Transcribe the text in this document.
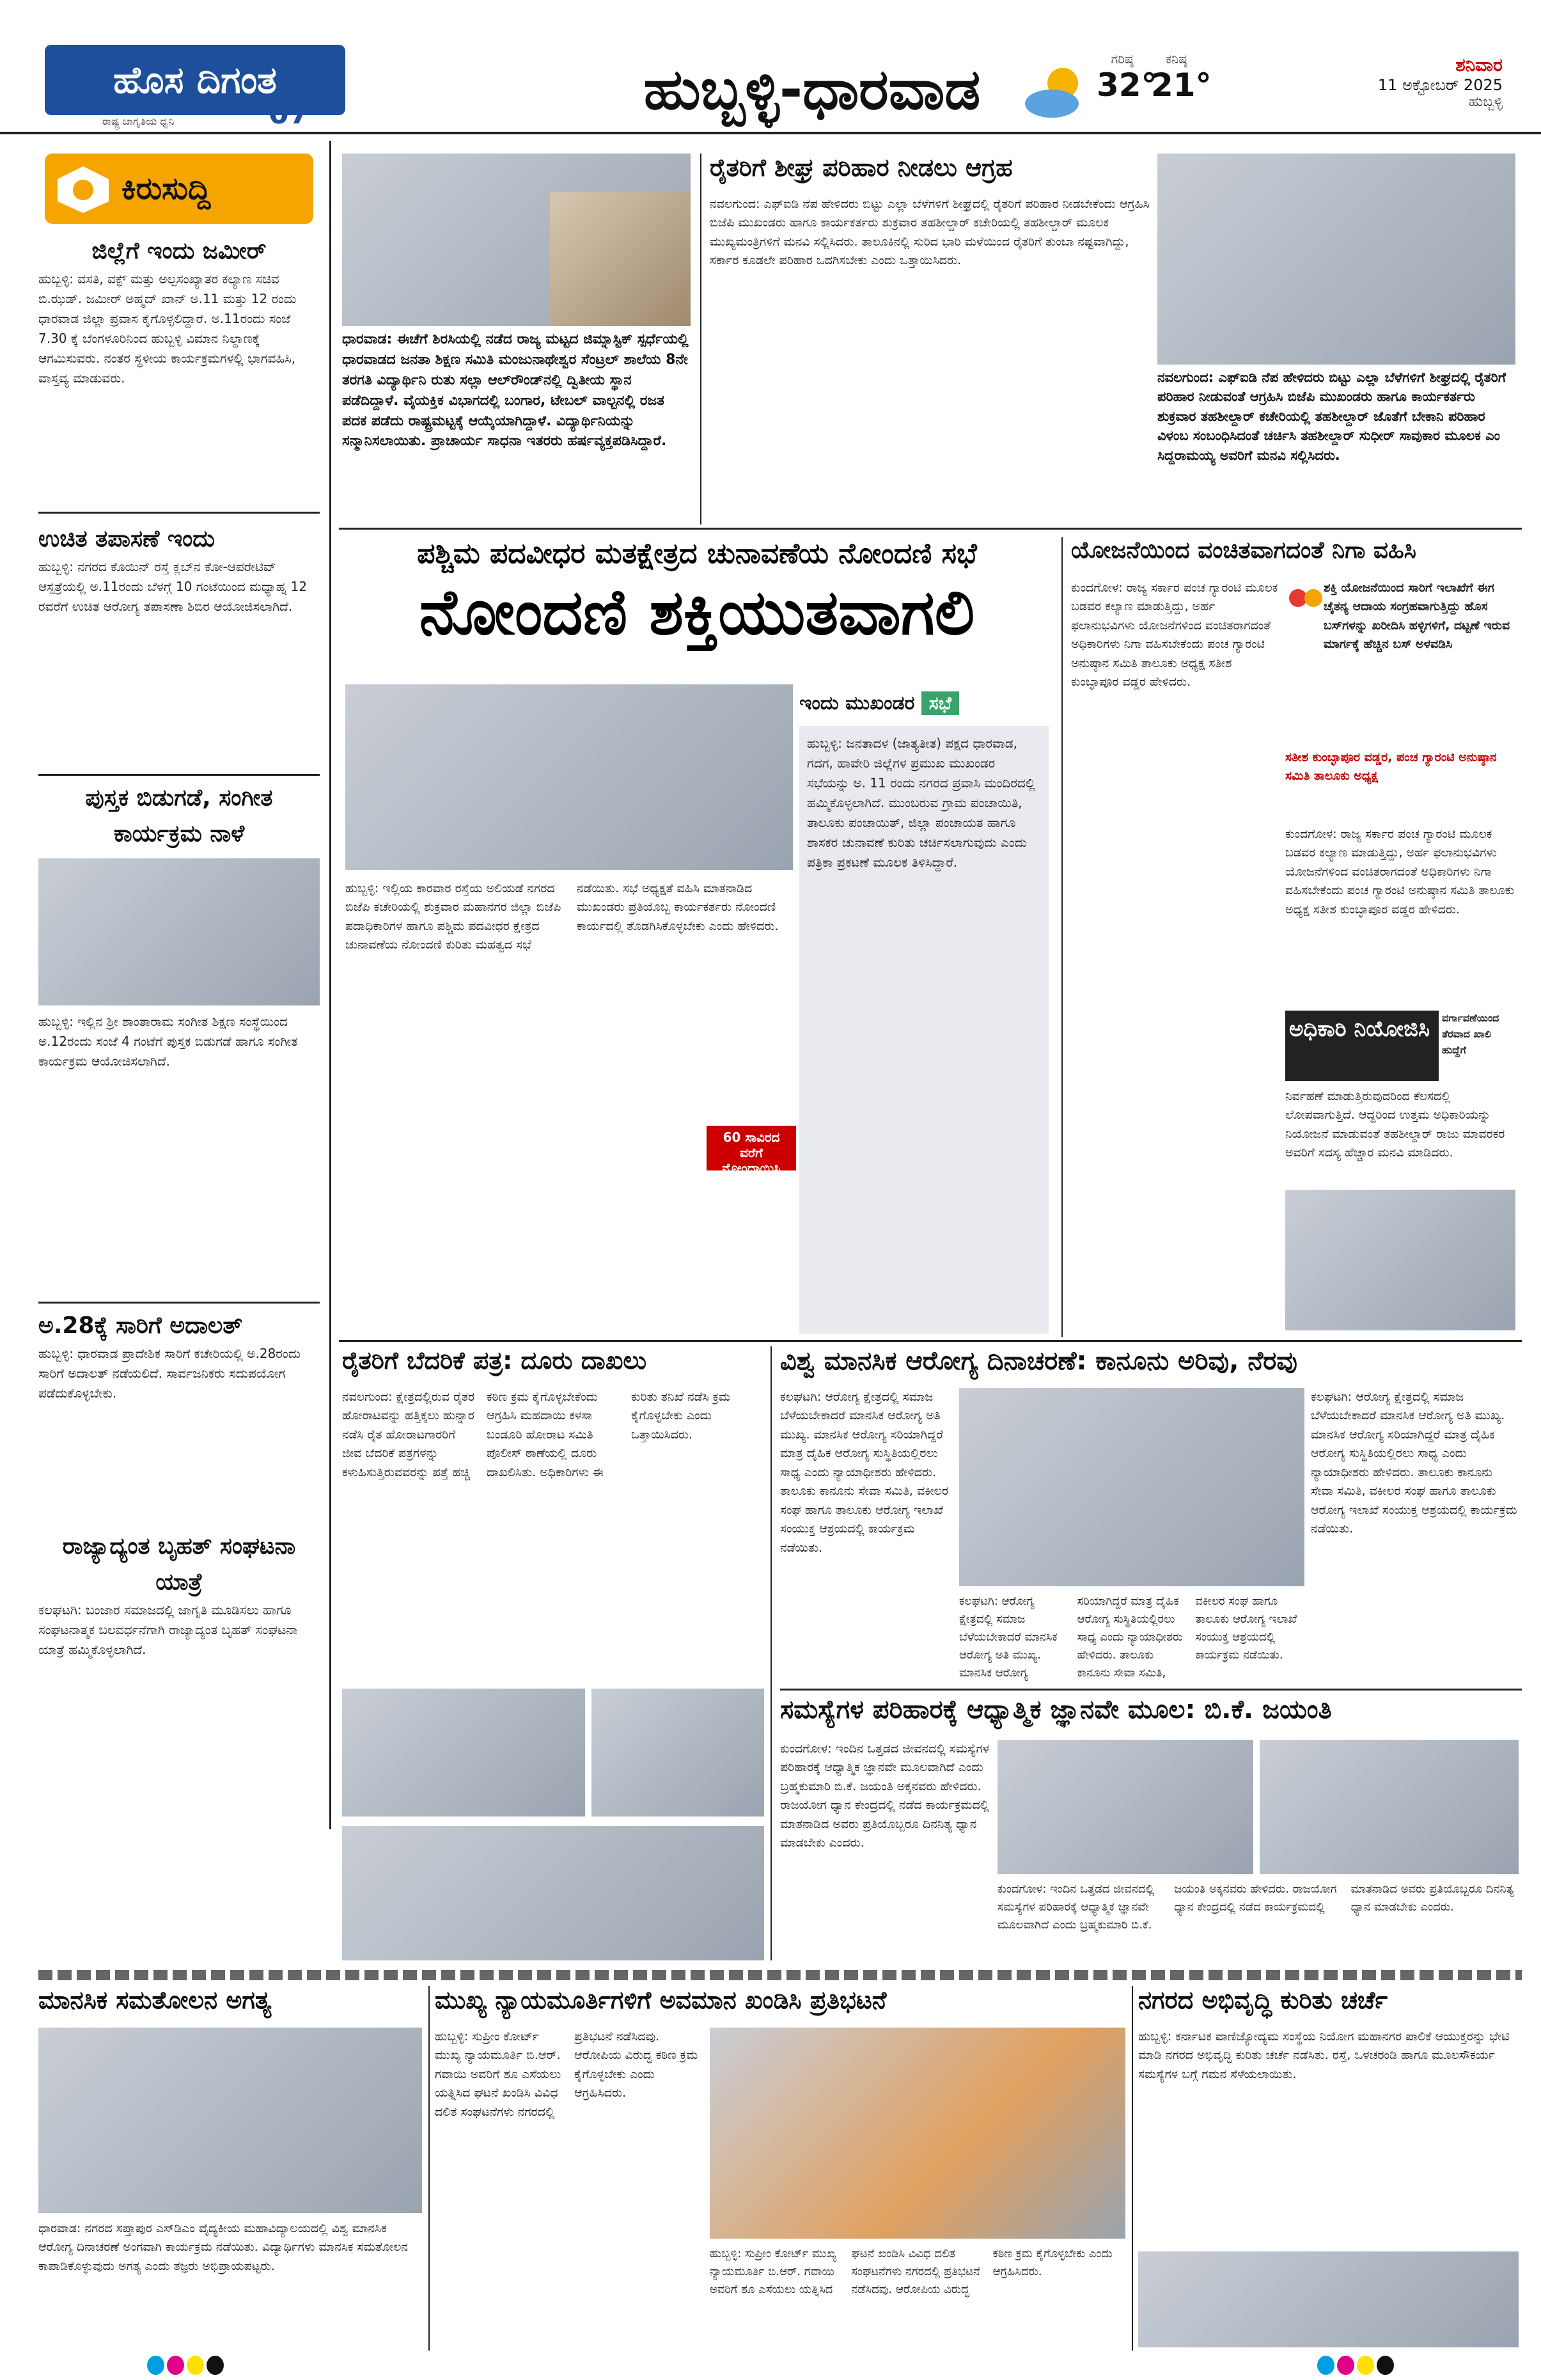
ಹೊಸ ದಿಗಂತ
ರಾಷ್ಟ್ರ ಜಾಗೃತಿಯ ಧ್ವನಿ	07	ಹುಬ್ಬಳ್ಳಿ-ಧಾರವಾಡ	ಗರಿಷ್ಠ
32°
ಕನಿಷ್ಠ
21°
ಶನಿವಾರ
11 ಅಕ್ಟೋಬರ್ 2025
ಹುಬ್ಬಳ್ಳಿ
ಕಿರುಸುದ್ದಿ
ಜಿಲ್ಲೆಗೆ ಇಂದು ಜಮೀರ್
ಹುಬ್ಬಳ್ಳಿ: ವಸತಿ, ವಕ್ಫ್ ಮತ್ತು ಅಲ್ಪಸಂಖ್ಯಾತರ ಕಲ್ಯಾಣ ಸಚಿವ ಬಿ.ಝಡ್. ಜಮೀರ್ ಅಹ್ಮದ್ ಖಾನ್ ಅ.11 ಮತ್ತು 12 ರಂದು ಧಾರವಾಡ ಜಿಲ್ಲಾ ಪ್ರವಾಸ ಕೈಗೊಳ್ಳಲಿದ್ದಾರೆ. ಅ.11ರಂದು ಸಂಜೆ 7.30 ಕ್ಕೆ ಬೆಂಗಳೂರಿನಿಂದ ಹುಬ್ಬಳ್ಳಿ ವಿಮಾನ ನಿಲ್ದಾಣಕ್ಕೆ ಆಗಮಿಸುವರು. ನಂತರ ಸ್ಥಳೀಯ ಕಾರ್ಯಕ್ರಮಗಳಲ್ಲಿ ಭಾಗವಹಿಸಿ, ವಾಸ್ತವ್ಯ ಮಾಡುವರು.
ಉಚಿತ ತಪಾಸಣೆ ಇಂದು
ಹುಬ್ಬಳ್ಳಿ: ನಗರದ ಕೊಯಿನ್ ರಸ್ತೆ ಕ್ಲಬ್‌ನ ಕೋ-ಆಪರೇಟಿವ್ ಆಸ್ಪತ್ರೆಯಲ್ಲಿ ಅ.11ರಂದು ಬೆಳಗ್ಗೆ 10 ಗಂಟೆಯಿಂದ ಮಧ್ಯಾಹ್ನ 12 ರವರೆಗೆ ಉಚಿತ ಆರೋಗ್ಯ ತಪಾಸಣಾ ಶಿಬಿರ ಆಯೋಜಿಸಲಾಗಿದೆ.
ಪುಸ್ತಕ ಬಿಡುಗಡೆ, ಸಂಗೀತ ಕಾರ್ಯಕ್ರಮ ನಾಳೆ
ಹುಬ್ಬಳ್ಳಿ: ಇಲ್ಲಿನ ಶ್ರೀ ಶಾಂತಾರಾಮ ಸಂಗೀತ ಶಿಕ್ಷಣ ಸಂಸ್ಥೆಯಿಂದ ಅ.12ರಂದು ಸಂಜೆ 4 ಗಂಟೆಗೆ ಪುಸ್ತಕ ಬಿಡುಗಡೆ ಹಾಗೂ ಸಂಗೀತ ಕಾರ್ಯಕ್ರಮ ಆಯೋಜಿಸಲಾಗಿದೆ.
ಅ.28ಕ್ಕೆ ಸಾರಿಗೆ ಅದಾಲತ್
ಹುಬ್ಬಳ್ಳಿ: ಧಾರವಾಡ ಪ್ರಾದೇಶಿಕ ಸಾರಿಗೆ ಕಚೇರಿಯಲ್ಲಿ ಅ.28ರಂದು ಸಾರಿಗೆ ಅದಾಲತ್ ನಡೆಯಲಿದೆ. ಸಾರ್ವಜನಿಕರು ಸದುಪಯೋಗ ಪಡೆದುಕೊಳ್ಳಬೇಕು.
ರಾಜ್ಯಾದ್ಯಂತ ಬೃಹತ್ ಸಂಘಟನಾ ಯಾತ್ರೆ
ಕಲಘಟಗಿ: ಬಂಜಾರ ಸಮಾಜದಲ್ಲಿ ಜಾಗೃತಿ ಮೂಡಿಸಲು ಹಾಗೂ ಸಂಘಟನಾತ್ಮಕ ಬಲವರ್ಧನೆಗಾಗಿ ರಾಜ್ಯಾದ್ಯಂತ ಬೃಹತ್ ಸಂಘಟನಾ ಯಾತ್ರೆ ಹಮ್ಮಿಕೊಳ್ಳಲಾಗಿದೆ.
ಧಾರವಾಡ: ಈಚೆಗೆ ಶಿರಸಿಯಲ್ಲಿ ನಡೆದ ರಾಜ್ಯ ಮಟ್ಟದ ಜಿಮ್ನಾಸ್ಟಿಕ್ ಸ್ಪರ್ಧೆಯಲ್ಲಿ ಧಾರವಾಡದ ಜನತಾ ಶಿಕ್ಷಣ ಸಮಿತಿ ಮಂಜುನಾಥೇಶ್ವರ ಸೆಂಟ್ರಲ್ ಶಾಲೆಯ 8ನೇ ತರಗತಿ ವಿದ್ಯಾರ್ಥಿನಿ ರುತು ಸಲ್ಲಾ ಆಲ್‌ರೌಂಡ್‌ನಲ್ಲಿ ದ್ವಿತೀಯ ಸ್ಥಾನ ಪಡೆದಿದ್ದಾಳೆ. ವೈಯಕ್ತಿಕ ವಿಭಾಗದಲ್ಲಿ ಬಂಗಾರ, ಟೇಬಲ್ ವಾಲ್ಟನಲ್ಲಿ ರಜತ ಪದಕ ಪಡೆದು ರಾಷ್ಟ್ರಮಟ್ಟಕ್ಕೆ ಆಯ್ಕೆಯಾಗಿದ್ದಾಳೆ. ವಿದ್ಯಾರ್ಥಿನಿಯನ್ನು ಸನ್ಮಾನಿಸಲಾಯಿತು. ಪ್ರಾಚಾರ್ಯ ಸಾಧನಾ ಇತರರು ಹರ್ಷವ್ಯಕ್ತಪಡಿಸಿದ್ದಾರೆ.
ರೈತರಿಗೆ ಶೀಘ್ರ ಪರಿಹಾರ ನೀಡಲು ಆಗ್ರಹ
ನವಲಗುಂದ: ಎಫ್‌ಐಡಿ ನೆಪ ಹೇಳಿದರು ಬಿಟ್ಟು ಎಲ್ಲಾ ಬೆಳೆಗಳಿಗೆ ಶೀಘ್ರದಲ್ಲಿ ರೈತರಿಗೆ ಪರಿಹಾರ ನೀಡಬೇಕೆಂದು ಆಗ್ರಹಿಸಿ ಬಿಜೆಪಿ ಮುಖಂಡರು ಹಾಗೂ ಕಾರ್ಯಕರ್ತರು ಶುಕ್ರವಾರ ತಹಶೀಲ್ದಾರ್ ಕಚೇರಿಯಲ್ಲಿ ತಹಶೀಲ್ದಾರ್ ಮೂಲಕ ಮುಖ್ಯಮಂತ್ರಿಗಳಿಗೆ ಮನವಿ ಸಲ್ಲಿಸಿದರು. ತಾಲೂಕಿನಲ್ಲಿ ಸುರಿದ ಭಾರಿ ಮಳೆಯಿಂದ ರೈತರಿಗೆ ತುಂಬಾ ನಷ್ಟವಾಗಿದ್ದು, ಸರ್ಕಾರ ಕೂಡಲೇ ಪರಿಹಾರ ಒದಗಿಸಬೇಕು ಎಂದು ಒತ್ತಾಯಿಸಿದರು.
ನವಲಗುಂದ: ಎಫ್‌ಐಡಿ ನೆಪ ಹೇಳಿದರು ಬಿಟ್ಟು ಎಲ್ಲಾ ಬೆಳೆಗಳಿಗೆ ಶೀಘ್ರದಲ್ಲಿ ರೈತರಿಗೆ ಪರಿಹಾರ ನೀಡುವಂತೆ ಆಗ್ರಹಿಸಿ ಬಿಜೆಪಿ ಮುಖಂಡರು ಹಾಗೂ ಕಾರ್ಯಕರ್ತರು ಶುಕ್ರವಾರ ತಹಶೀಲ್ದಾರ್ ಕಚೇರಿಯಲ್ಲಿ ತಹಶೀಲ್ದಾರ್ ಜೊತೆಗೆ ಬೇಕಾನಿ ಪರಿಹಾರ ವಿಳಂಬ ಸಂಬಂಧಿಸಿದಂತೆ ಚರ್ಚಿಸಿ ತಹಶೀಲ್ದಾರ್ ಸುಧೀರ್ ಸಾವುಕಾರ ಮೂಲಕ ಎಂ ಸಿದ್ದರಾಮಯ್ಯ ಅವರಿಗೆ ಮನವಿ ಸಲ್ಲಿಸಿದರು.
ಪಶ್ಚಿಮ ಪದವೀಧರ ಮತಕ್ಷೇತ್ರದ ಚುನಾವಣೆಯ ನೋಂದಣಿ ಸಭೆ
ನೋಂದಣಿ ಶಕ್ತಿಯುತವಾಗಲಿ
ಇಂದು ಮುಖಂಡರ ಸಭೆ
ಹುಬ್ಬಳ್ಳಿ: ಜನತಾದಳ (ಜಾತ್ಯತೀತ) ಪಕ್ಷದ ಧಾರವಾಡ, ಗದಗ, ಹಾವೇರಿ ಜಿಲ್ಲೆಗಳ ಪ್ರಮುಖ ಮುಖಂಡರ ಸಭೆಯನ್ನು ಅ. 11 ರಂದು ನಗರದ ಪ್ರವಾಸಿ ಮಂದಿರದಲ್ಲಿ ಹಮ್ಮಿಕೊಳ್ಳಲಾಗಿದೆ. ಮುಂಬರುವ ಗ್ರಾಮ ಪಂಚಾಯಿತಿ, ತಾಲೂಕು ಪಂಚಾಯಿತ್, ಜಿಲ್ಲಾ ಪಂಚಾಯತ ಹಾಗೂ ಶಾಸಕರ ಚುನಾವಣೆ ಕುರಿತು ಚರ್ಚಿಸಲಾಗುವುದು ಎಂದು ಪತ್ರಿಕಾ ಪ್ರಕಟಣೆ ಮೂಲಕ ತಿಳಿಸಿದ್ದಾರೆ.
ಹುಬ್ಬಳ್ಳಿ: ಇಲ್ಲಿಯ ಕಾರವಾರ ರಸ್ತೆಯ ಅಲಿಯಡೆ ನಗರದ ಬಿಜೆಪಿ ಕಚೇರಿಯಲ್ಲಿ ಶುಕ್ರವಾರ ಮಹಾನಗರ ಜಿಲ್ಲಾ ಬಿಜೆಪಿ ಪದಾಧಿಕಾರಿಗಳ ಹಾಗೂ ಪಶ್ಚಿಮ ಪದವೀಧರ ಕ್ಷೇತ್ರದ ಚುನಾವಣೆಯ ನೋಂದಣಿ ಕುರಿತು ಮಹತ್ವದ ಸಭೆ ನಡೆಯಿತು. ಸಭೆ ಅಧ್ಯಕ್ಷತೆ ವಹಿಸಿ ಮಾತನಾಡಿದ ಮುಖಂಡರು ಪ್ರತಿಯೊಬ್ಬ ಕಾರ್ಯಕರ್ತರು ನೋಂದಣಿ ಕಾರ್ಯದಲ್ಲಿ ತೊಡಗಿಸಿಕೊಳ್ಳಬೇಕು ಎಂದು ಹೇಳಿದರು.
60 ಸಾವಿರದ ವರೆಗೆ ನೋಂದಾಯಿಸಿ
ಯೋಜನೆಯಿಂದ ವಂಚಿತವಾಗದಂತೆ ನಿಗಾ ವಹಿಸಿ
ಕುಂದಗೋಳ: ರಾಜ್ಯ ಸರ್ಕಾರ ಪಂಚ ಗ್ಯಾರಂಟಿ ಮೂಲಕ ಬಡವರ ಕಲ್ಯಾಣ ಮಾಡುತ್ತಿದ್ದು, ಅರ್ಹ ಫಲಾನುಭವಿಗಳು ಯೋಜನೆಗಳಿಂದ ವಂಚಿತರಾಗದಂತೆ ಅಧಿಕಾರಿಗಳು ನಿಗಾ ವಹಿಸಬೇಕೆಂದು ಪಂಚ ಗ್ಯಾರಂಟಿ ಅನುಷ್ಠಾನ ಸಮಿತಿ ತಾಲೂಕು ಅಧ್ಯಕ್ಷ ಸತೀಶ ಕುಂಬ್ಳಾಪೂರ ವಡ್ಡರ ಹೇಳಿದರು.
ಶಕ್ತಿ ಯೋಜನೆಯಿಂದ ಸಾರಿಗೆ ಇಲಾಖೆಗೆ ಈಗ ಚೈತನ್ಯ ಆದಾಯ ಸಂಗ್ರಹವಾಗುತ್ತಿದ್ದು ಹೊಸ ಬಸ್‌ಗಳನ್ನು ಖರೀದಿಸಿ ಹಳ್ಳಿಗಳಿಗೆ, ದಟ್ಟಣೆ ಇರುವ ಮಾರ್ಗಕ್ಕೆ ಹೆಚ್ಚಿನ ಬಸ್ ಅಳವಡಿಸಿ
ಸತೀಶ ಕುಂಬ್ಳಾಪೂರ ವಡ್ಡರ, ಪಂಚ ಗ್ಯಾರಂಟಿ ಅನುಷ್ಠಾನ ಸಮಿತಿ ತಾಲೂಕು ಅಧ್ಯಕ್ಷ
ಕುಂದಗೋಳ: ರಾಜ್ಯ ಸರ್ಕಾರ ಪಂಚ ಗ್ಯಾರಂಟಿ ಮೂಲಕ ಬಡವರ ಕಲ್ಯಾಣ ಮಾಡುತ್ತಿದ್ದು, ಅರ್ಹ ಫಲಾನುಭವಿಗಳು ಯೋಜನೆಗಳಿಂದ ವಂಚಿತರಾಗದಂತೆ ಅಧಿಕಾರಿಗಳು ನಿಗಾ ವಹಿಸಬೇಕೆಂದು ಪಂಚ ಗ್ಯಾರಂಟಿ ಅನುಷ್ಠಾನ ಸಮಿತಿ ತಾಲೂಕು ಅಧ್ಯಕ್ಷ ಸತೀಶ ಕುಂಬ್ಳಾಪೂರ ವಡ್ಡರ ಹೇಳಿದರು.
ಅಧಿಕಾರಿ ನಿಯೋಜಿಸಿ	ವರ್ಗಾವಣೆಯಿಂದ ತೆರವಾದ ಖಾಲಿ ಹುದ್ದೆಗೆ
ನಿರ್ವಹಣೆ ಮಾಡುತ್ತಿರುವುದರಿಂದ ಕೆಲಸದಲ್ಲಿ ಲೋಪವಾಗುತ್ತಿದೆ. ಆದ್ದರಿಂದ ಉತ್ತಮ ಅಧಿಕಾರಿಯನ್ನು ನಿಯೋಜನೆ ಮಾಡುವಂತೆ ತಹಶೀಲ್ದಾರ್ ರಾಜು ಮಾವರಕರ ಅವರಿಗೆ ಸದಸ್ಯ ಹೆಚ್ಚಾರ ಮನವಿ ಮಾಡಿದರು.
ರೈತರಿಗೆ ಬೆದರಿಕೆ ಪತ್ರ: ದೂರು ದಾಖಲು
ನವಲಗುಂದ: ಕ್ಷೇತ್ರದಲ್ಲಿರುವ ರೈತರ ಹೋರಾಟವನ್ನು ಹತ್ತಿಕ್ಕಲು ಹುನ್ನಾರ ನಡೆಸಿ ರೈತ ಹೋರಾಟಗಾರರಿಗೆ ಜೀವ ಬೆದರಿಕೆ ಪತ್ರಗಳನ್ನು ಕಳುಹಿಸುತ್ತಿರುವವರನ್ನು ಪತ್ತೆ ಹಚ್ಚಿ ಕಠಿಣ ಕ್ರಮ ಕೈಗೊಳ್ಳಬೇಕೆಂದು ಆಗ್ರಹಿಸಿ ಮಹದಾಯಿ ಕಳಸಾ ಬಂಡೂರಿ ಹೋರಾಟ ಸಮಿತಿ ಪೊಲೀಸ್ ಠಾಣೆಯಲ್ಲಿ ದೂರು ದಾಖಲಿಸಿತು. ಅಧಿಕಾರಿಗಳು ಈ ಕುರಿತು ತನಿಖೆ ನಡೆಸಿ ಕ್ರಮ ಕೈಗೊಳ್ಳಬೇಕು ಎಂದು ಒತ್ತಾಯಿಸಿದರು.
ವಿಶ್ವ ಮಾನಸಿಕ ಆರೋಗ್ಯ ದಿನಾಚರಣೆ: ಕಾನೂನು ಅರಿವು, ನೆರವು
ಕಲಘಟಗಿ: ಆರೋಗ್ಯ ಕ್ಷೇತ್ರದಲ್ಲಿ ಸಮಾಜ ಬೆಳೆಯಬೇಕಾದರೆ ಮಾನಸಿಕ ಆರೋಗ್ಯ ಅತಿ ಮುಖ್ಯ. ಮಾನಸಿಕ ಆರೋಗ್ಯ ಸರಿಯಾಗಿದ್ದರೆ ಮಾತ್ರ ದೈಹಿಕ ಆರೋಗ್ಯ ಸುಸ್ಥಿತಿಯಲ್ಲಿರಲು ಸಾಧ್ಯ ಎಂದು ನ್ಯಾಯಾಧೀಶರು ಹೇಳಿದರು. ತಾಲೂಕು ಕಾನೂನು ಸೇವಾ ಸಮಿತಿ, ವಕೀಲರ ಸಂಘ ಹಾಗೂ ತಾಲೂಕು ಆರೋಗ್ಯ ಇಲಾಖೆ ಸಂಯುಕ್ತ ಆಶ್ರಯದಲ್ಲಿ ಕಾರ್ಯಕ್ರಮ ನಡೆಯಿತು.
ಕಲಘಟಗಿ: ಆರೋಗ್ಯ ಕ್ಷೇತ್ರದಲ್ಲಿ ಸಮಾಜ ಬೆಳೆಯಬೇಕಾದರೆ ಮಾನಸಿಕ ಆರೋಗ್ಯ ಅತಿ ಮುಖ್ಯ. ಮಾನಸಿಕ ಆರೋಗ್ಯ ಸರಿಯಾಗಿದ್ದರೆ ಮಾತ್ರ ದೈಹಿಕ ಆರೋಗ್ಯ ಸುಸ್ಥಿತಿಯಲ್ಲಿರಲು ಸಾಧ್ಯ ಎಂದು ನ್ಯಾಯಾಧೀಶರು ಹೇಳಿದರು. ತಾಲೂಕು ಕಾನೂನು ಸೇವಾ ಸಮಿತಿ, ವಕೀಲರ ಸಂಘ ಹಾಗೂ ತಾಲೂಕು ಆರೋಗ್ಯ ಇಲಾಖೆ ಸಂಯುಕ್ತ ಆಶ್ರಯದಲ್ಲಿ ಕಾರ್ಯಕ್ರಮ ನಡೆಯಿತು.
ಕಲಘಟಗಿ: ಆರೋಗ್ಯ ಕ್ಷೇತ್ರದಲ್ಲಿ ಸಮಾಜ ಬೆಳೆಯಬೇಕಾದರೆ ಮಾನಸಿಕ ಆರೋಗ್ಯ ಅತಿ ಮುಖ್ಯ. ಮಾನಸಿಕ ಆರೋಗ್ಯ ಸರಿಯಾಗಿದ್ದರೆ ಮಾತ್ರ ದೈಹಿಕ ಆರೋಗ್ಯ ಸುಸ್ಥಿತಿಯಲ್ಲಿರಲು ಸಾಧ್ಯ ಎಂದು ನ್ಯಾಯಾಧೀಶರು ಹೇಳಿದರು. ತಾಲೂಕು ಕಾನೂನು ಸೇವಾ ಸಮಿತಿ, ವಕೀಲರ ಸಂಘ ಹಾಗೂ ತಾಲೂಕು ಆರೋಗ್ಯ ಇಲಾಖೆ ಸಂಯುಕ್ತ ಆಶ್ರಯದಲ್ಲಿ ಕಾರ್ಯಕ್ರಮ ನಡೆಯಿತು.
ಸಮಸ್ಯೆಗಳ ಪರಿಹಾರಕ್ಕೆ ಆಧ್ಯಾತ್ಮಿಕ ಜ್ಞಾನವೇ ಮೂಲ: ಬಿ.ಕೆ. ಜಯಂತಿ
ಕುಂದಗೋಳ: ಇಂದಿನ ಒತ್ತಡದ ಜೀವನದಲ್ಲಿ ಸಮಸ್ಯೆಗಳ ಪರಿಹಾರಕ್ಕೆ ಆಧ್ಯಾತ್ಮಿಕ ಜ್ಞಾನವೇ ಮೂಲವಾಗಿದೆ ಎಂದು ಬ್ರಹ್ಮಕುಮಾರಿ ಬಿ.ಕೆ. ಜಯಂತಿ ಅಕ್ಕನವರು ಹೇಳಿದರು. ರಾಜಯೋಗ ಧ್ಯಾನ ಕೇಂದ್ರದಲ್ಲಿ ನಡೆದ ಕಾರ್ಯಕ್ರಮದಲ್ಲಿ ಮಾತನಾಡಿದ ಅವರು ಪ್ರತಿಯೊಬ್ಬರೂ ದಿನನಿತ್ಯ ಧ್ಯಾನ ಮಾಡಬೇಕು ಎಂದರು.
ಕುಂದಗೋಳ: ಇಂದಿನ ಒತ್ತಡದ ಜೀವನದಲ್ಲಿ ಸಮಸ್ಯೆಗಳ ಪರಿಹಾರಕ್ಕೆ ಆಧ್ಯಾತ್ಮಿಕ ಜ್ಞಾನವೇ ಮೂಲವಾಗಿದೆ ಎಂದು ಬ್ರಹ್ಮಕುಮಾರಿ ಬಿ.ಕೆ. ಜಯಂತಿ ಅಕ್ಕನವರು ಹೇಳಿದರು. ರಾಜಯೋಗ ಧ್ಯಾನ ಕೇಂದ್ರದಲ್ಲಿ ನಡೆದ ಕಾರ್ಯಕ್ರಮದಲ್ಲಿ ಮಾತನಾಡಿದ ಅವರು ಪ್ರತಿಯೊಬ್ಬರೂ ದಿನನಿತ್ಯ ಧ್ಯಾನ ಮಾಡಬೇಕು ಎಂದರು.
ಮಾನಸಿಕ ಸಮತೋಲನ ಅಗತ್ಯ
ಧಾರವಾಡ: ನಗರದ ಸಪ್ತಾಪುರ ಎಸ್‌ಡಿಎಂ ವೈದ್ಯಕೀಯ ಮಹಾವಿದ್ಯಾಲಯದಲ್ಲಿ ವಿಶ್ವ ಮಾನಸಿಕ ಆರೋಗ್ಯ ದಿನಾಚರಣೆ ಅಂಗವಾಗಿ ಕಾರ್ಯಕ್ರಮ ನಡೆಯಿತು. ವಿದ್ಯಾರ್ಥಿಗಳು ಮಾನಸಿಕ ಸಮತೋಲನ ಕಾಪಾಡಿಕೊಳ್ಳುವುದು ಅಗತ್ಯ ಎಂದು ತಜ್ಞರು ಅಭಿಪ್ರಾಯಪಟ್ಟರು.
ಮುಖ್ಯ ನ್ಯಾಯಮೂರ್ತಿಗಳಿಗೆ ಅವಮಾನ ಖಂಡಿಸಿ ಪ್ರತಿಭಟನೆ
ಹುಬ್ಬಳ್ಳಿ: ಸುಪ್ರೀಂ ಕೋರ್ಟ್ ಮುಖ್ಯ ನ್ಯಾಯಮೂರ್ತಿ ಬಿ.ಆರ್. ಗವಾಯಿ ಅವರಿಗೆ ಶೂ ಎಸೆಯಲು ಯತ್ನಿಸಿದ ಘಟನೆ ಖಂಡಿಸಿ ವಿವಿಧ ದಲಿತ ಸಂಘಟನೆಗಳು ನಗರದಲ್ಲಿ ಪ್ರತಿಭಟನೆ ನಡೆಸಿದವು. ಆರೋಪಿಯ ವಿರುದ್ಧ ಕಠಿಣ ಕ್ರಮ ಕೈಗೊಳ್ಳಬೇಕು ಎಂದು ಆಗ್ರಹಿಸಿದರು.
ಹುಬ್ಬಳ್ಳಿ: ಸುಪ್ರೀಂ ಕೋರ್ಟ್ ಮುಖ್ಯ ನ್ಯಾಯಮೂರ್ತಿ ಬಿ.ಆರ್. ಗವಾಯಿ ಅವರಿಗೆ ಶೂ ಎಸೆಯಲು ಯತ್ನಿಸಿದ ಘಟನೆ ಖಂಡಿಸಿ ವಿವಿಧ ದಲಿತ ಸಂಘಟನೆಗಳು ನಗರದಲ್ಲಿ ಪ್ರತಿಭಟನೆ ನಡೆಸಿದವು. ಆರೋಪಿಯ ವಿರುದ್ಧ ಕಠಿಣ ಕ್ರಮ ಕೈಗೊಳ್ಳಬೇಕು ಎಂದು ಆಗ್ರಹಿಸಿದರು.
ನಗರದ ಅಭಿವೃದ್ಧಿ ಕುರಿತು ಚರ್ಚೆ
ಹುಬ್ಬಳ್ಳಿ: ಕರ್ನಾಟಕ ವಾಣಿಜ್ಯೋದ್ಯಮ ಸಂಸ್ಥೆಯ ನಿಯೋಗ ಮಹಾನಗರ ಪಾಲಿಕೆ ಆಯುಕ್ತರನ್ನು ಭೇಟಿ ಮಾಡಿ ನಗರದ ಅಭಿವೃದ್ಧಿ ಕುರಿತು ಚರ್ಚೆ ನಡೆಸಿತು. ರಸ್ತೆ, ಒಳಚರಂಡಿ ಹಾಗೂ ಮೂಲಸೌಕರ್ಯ ಸಮಸ್ಯೆಗಳ ಬಗ್ಗೆ ಗಮನ ಸೆಳೆಯಲಾಯಿತು.
